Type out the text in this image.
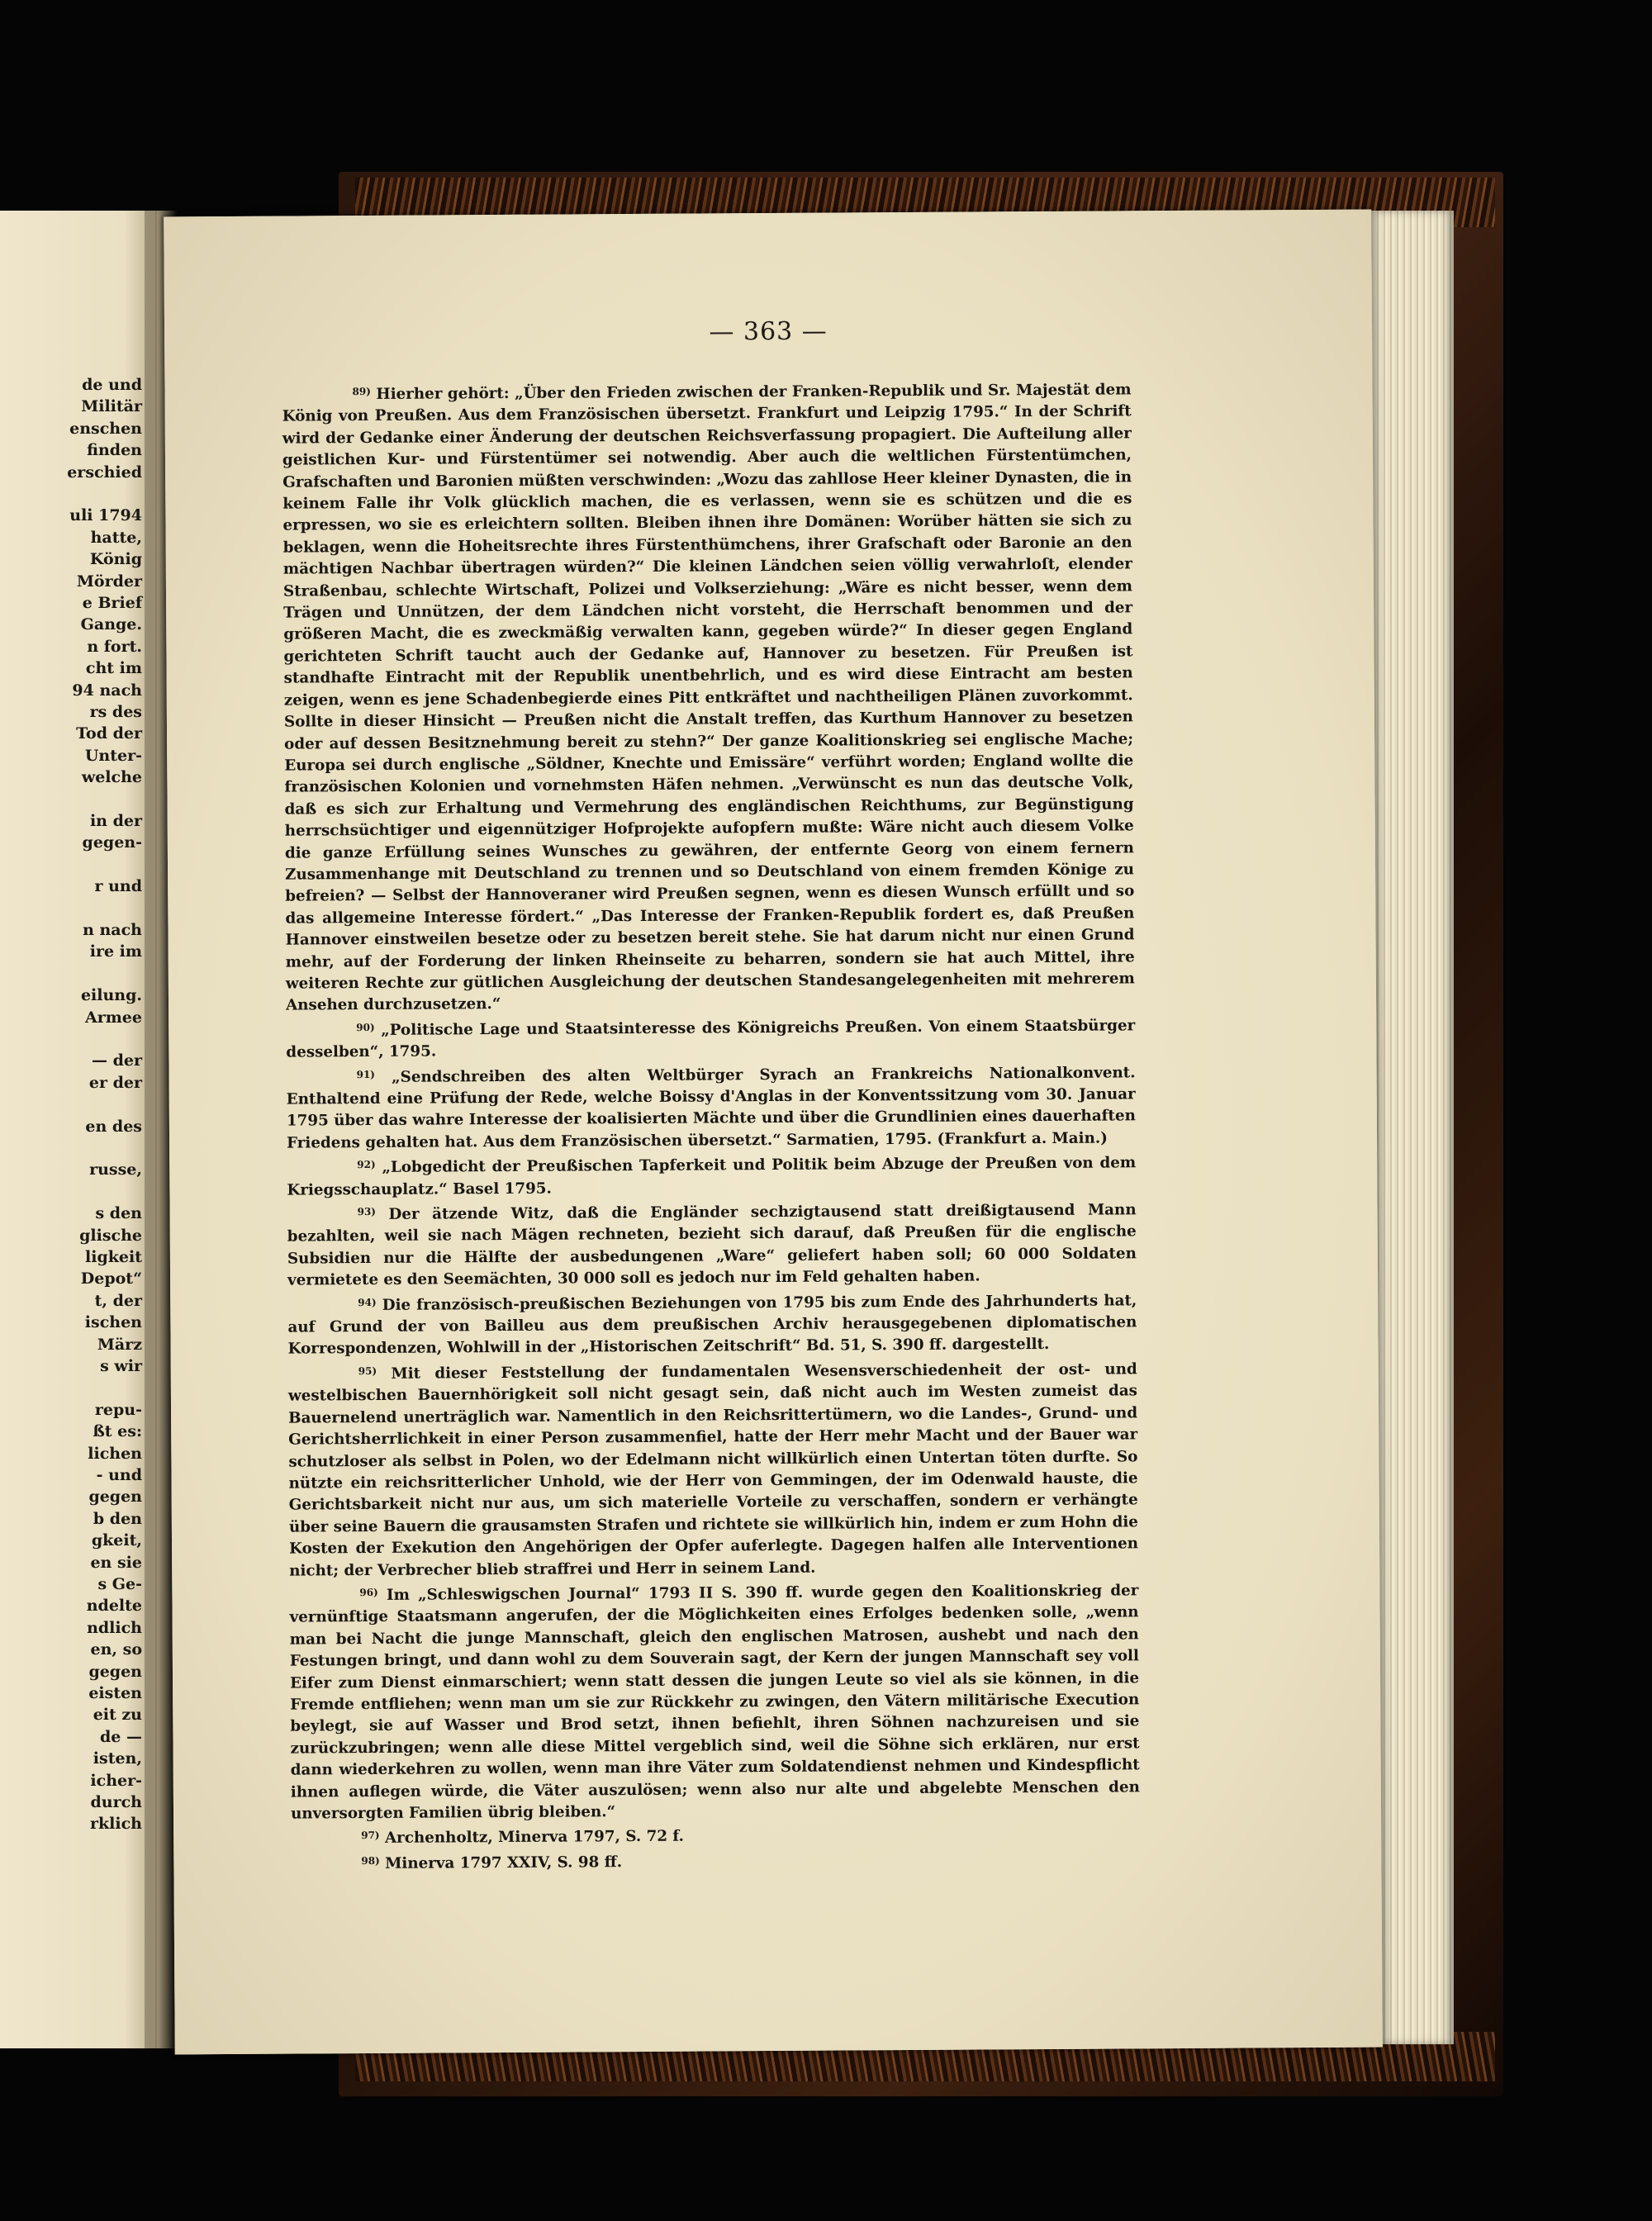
de und
Militär
enschen
finden
erschied
uli 1794
hatte,
König
Mörder
e Brief
Gange.
n fort.
cht im
94 nach
rs des
Tod der
Unter-
welche
in der
gegen-
r und
n nach
ire im
eilung.
Armee
— der
er der
en des
russe,
s den
glische
ligkeit
Depot“
t, der
ischen
März
s wir
repu-
ßt es:
lichen
- und
gegen
b den
gkeit,
en sie
s Ge-
ndelte
ndlich
en, so
gegen
eisten
eit zu
de —
isten,
icher-
durch
rklich
— 363 —

$^{89)}$ Hierher gehört: „Über den Frieden zwischen der Franken-Republik und Sr. Majestät dem König von Preußen. Aus dem Französischen übersetzt. Frankfurt und Leipzig 1795.“ In der Schrift wird der Gedanke einer Änderung der deutschen Reichsverfassung propagiert. Die Aufteilung aller geistlichen Kur- und Fürstentümer sei notwendig. Aber auch die weltlichen Fürstentümchen, Grafschaften und Baronien müßten verschwinden: „Wozu das zahllose Heer kleiner Dynasten, die in keinem Falle ihr Volk glücklich machen, die es verlassen, wenn sie es schützen und die es erpressen, wo sie es erleichtern sollten. Bleiben ihnen ihre Domänen: Worüber hätten sie sich zu beklagen, wenn die Hoheitsrechte ihres Fürstenthümchens, ihrer Grafschaft oder Baronie an den mächtigen Nachbar übertragen würden?“ Die kleinen Ländchen seien völlig verwahrloſt, elender Straßenbau, schlechte Wirtschaft, Polizei und Volkserziehung: „Wäre es nicht besser, wenn dem Trägen und Unnützen, der dem Ländchen nicht vorsteht, die Herrschaft benommen und der größeren Macht, die es zweckmäßig verwalten kann, gegeben würde?“ In dieser gegen England gerichteten Schrift taucht auch der Gedanke auf, Hannover zu besetzen. Für Preußen ist standhafte Eintracht mit der Republik unentbehrlich, und es wird diese Eintracht am besten zeigen, wenn es jene Schadenbegierde eines Pitt entkräftet und nachtheiligen Plänen zuvorkommt. Sollte in dieser Hinsicht — Preußen nicht die Anstalt treffen, das Kurthum Hannover zu besetzen oder auf dessen Besitznehmung bereit zu stehn?“ Der ganze Koalitionskrieg sei englische Mache; Europa sei durch englische „Söldner, Knechte und Emissäre“ verführt worden; England wollte die französischen Kolonien und vornehmsten Häfen nehmen. „Verwünscht es nun das deutsche Volk, daß es sich zur Erhaltung und Vermehrung des engländischen Reichthums, zur Begünstigung herrschsüchtiger und eigennütziger Hofprojekte aufopfern mußte: Wäre nicht auch diesem Volke die ganze Erfüllung seines Wunsches zu gewähren, der entfernte Georg von einem fernern Zusammenhange mit Deutschland zu trennen und so Deutschland von einem fremden Könige zu befreien? — Selbst der Hannoveraner wird Preußen segnen, wenn es diesen Wunsch erfüllt und so das allgemeine Interesse fördert.“ „Das Interesse der Franken-Republik fordert es, daß Preußen Hannover einstweilen besetze oder zu besetzen bereit stehe. Sie hat darum nicht nur einen Grund mehr, auf der Forderung der linken Rheinseite zu beharren, sondern sie hat auch Mittel, ihre weiteren Rechte zur gütlichen Ausgleichung der deutschen Standesangelegenheiten mit mehrerem Ansehen durchzusetzen.“

$^{90)}$ „Politische Lage und Staatsinteresse des Königreichs Preußen. Von einem Staatsbürger desselben“, 1795.

$^{91)}$ „Sendschreiben des alten Weltbürger Syrach an Frankreichs Nationalkonvent. Enthaltend eine Prüfung der Rede, welche Boissy d'Anglas in der Konventssitzung vom 30. Januar 1795 über das wahre Interesse der koalisierten Mächte und über die Grundlinien eines dauerhaften Friedens gehalten hat. Aus dem Französischen übersetzt.“ Sarmatien, 1795. (Frankfurt a. Main.)

$^{92)}$ „Lobgedicht der Preußischen Tapferkeit und Politik beim Abzuge der Preußen von dem Kriegsschauplatz.“ Basel 1795.

$^{93)}$ Der ätzende Witz, daß die Engländer sechzigtausend statt dreißigtausend Mann bezahlten, weil sie nach Mägen rechneten, bezieht sich darauf, daß Preußen für die englische Subsidien nur die Hälfte der ausbedungenen „Ware“ geliefert haben soll; 60 000 Soldaten vermietete es den Seemächten, 30 000 soll es jedoch nur im Feld gehalten haben.

$^{94)}$ Die französisch-preußischen Beziehungen von 1795 bis zum Ende des Jahrhunderts hat, auf Grund der von Bailleu aus dem preußischen Archiv herausgegebenen diplomatischen Korrespondenzen, Wohlwill in der „Historischen Zeitschrift“ Bd. 51, S. 390 ff. dargestellt.

$^{95)}$ Mit dieser Feststellung der fundamentalen Wesensverschiedenheit der ost- und westelbischen Bauernhörigkeit soll nicht gesagt sein, daß nicht auch im Westen zumeist das Bauernelend unerträglich war. Namentlich in den Reichsrittertümern, wo die Landes-, Grund- und Gerichtsherrlichkeit in einer Person zusammenfiel, hatte der Herr mehr Macht und der Bauer war schutzloser als selbst in Polen, wo der Edelmann nicht willkürlich einen Untertan töten durfte. So nützte ein reichsritterlicher Unhold, wie der Herr von Gemmingen, der im Odenwald hauste, die Gerichtsbarkeit nicht nur aus, um sich materielle Vorteile zu verschaffen, sondern er verhängte über seine Bauern die grausamsten Strafen und richtete sie willkürlich hin, indem er zum Hohn die Kosten der Exekution den Angehörigen der Opfer auferlegte. Dagegen halfen alle Interventionen nicht; der Verbrecher blieb straffrei und Herr in seinem Land.

$^{96)}$ Im „Schleswigschen Journal“ 1793 II S. 390 ff. wurde gegen den Koalitionskrieg der vernünftige Staatsmann angerufen, der die Möglichkeiten eines Erfolges bedenken solle, „wenn man bei Nacht die junge Mannschaft, gleich den englischen Matrosen, aushebt und nach den Festungen bringt, und dann wohl zu dem Souverain sagt, der Kern der jungen Mannschaft sey voll Eifer zum Dienst einmarschiert; wenn statt dessen die jungen Leute so viel als sie können, in die Fremde entfliehen; wenn man um sie zur Rückkehr zu zwingen, den Vätern militärische Execution beylegt, sie auf Wasser und Brod setzt, ihnen befiehlt, ihren Söhnen nachzureisen und sie zurückzubringen; wenn alle diese Mittel vergeblich sind, weil die Söhne sich erklären, nur erst dann wiederkehren zu wollen, wenn man ihre Väter zum Soldatendienst nehmen und Kindespflicht ihnen auflegen würde, die Väter auszulösen; wenn also nur alte und abgelebte Menschen den unversorgten Familien übrig bleiben.“

$^{97)}$ Archenholtz, Minerva 1797, S. 72 f.

$^{98)}$ Minerva 1797 XXIV, S. 98 ff.
